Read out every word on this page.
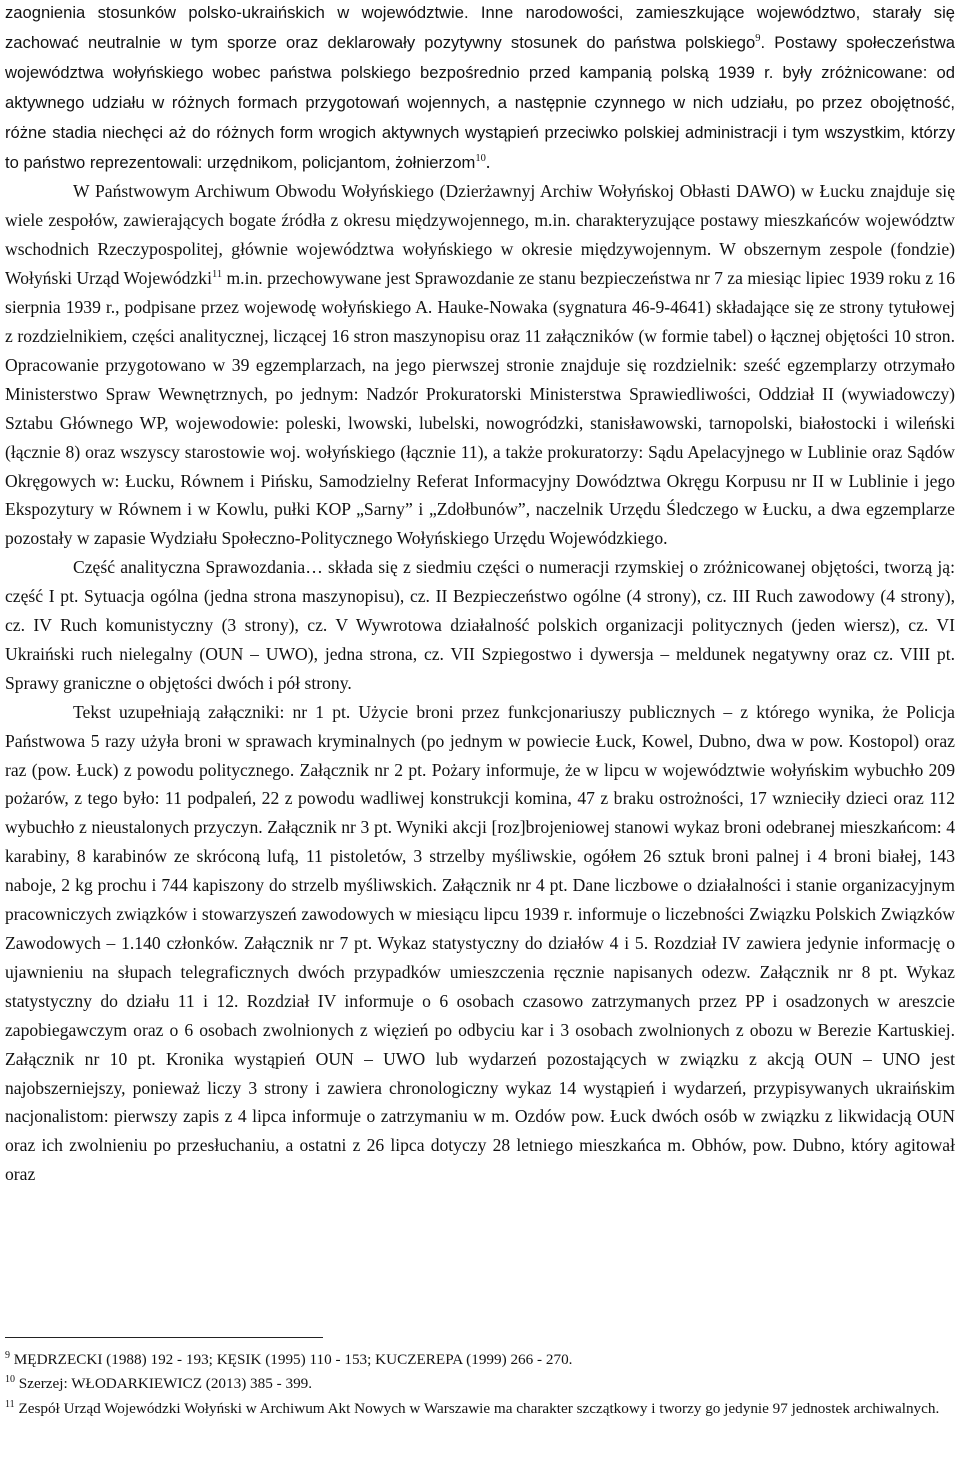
zaognienia stosunków polsko-ukraińskich w województwie. Inne narodowości, zamieszkujące województwo, starały się zachować neutralnie w tym sporze oraz deklarowały pozytywny stosunek do państwa polskiego$^9$. Postawy społeczeństwa województwa wołyńskiego wobec państwa polskiego bezpośrednio przed kampanią polską 1939 r. były zróżnicowane: od aktywnego udziału w różnych formach przygotowań wojennych, a następnie czynnego w nich udziału, po przez obojętność, różne stadia niechęci aż do różnych form wrogich aktywnych wystąpień przeciwko polskiej administracji i tym wszystkim, którzy to państwo reprezentowali: urzędnikom, policjantom, żołnierzom$^{10}$.

W Państwowym Archiwum Obwodu Wołyńskiego (Dzierżawnyj Archiw Wołyńskoj Obłasti DAWO) w Łucku znajduje się wiele zespołów, zawierających bogate źródła z okresu międzywojennego, m.in. charakteryzujące postawy mieszkańców województw wschodnich Rzeczypospolitej, głównie województwa wołyńskiego w okresie międzywojennym. W obszernym zespole (fondzie) Wołyński Urząd Wojewódzki$^{11}$ m.in. przechowywane jest Sprawozdanie ze stanu bezpieczeństwa nr 7 za miesiąc lipiec 1939 roku z 16 sierpnia 1939 r., podpisane przez wojewodę wołyńskiego A. Hauke-Nowaka (sygnatura 46-9-4641) składające się ze strony tytułowej z rozdzielnikiem, części analitycznej, liczącej 16 stron maszynopisu oraz 11 załączników (w formie tabel) o łącznej objętości 10 stron. Opracowanie przygotowano w 39 egzemplarzach, na jego pierwszej stronie znajduje się rozdzielnik: sześć egzemplarzy otrzymało Ministerstwo Spraw Wewnętrznych, po jednym: Nadzór Prokuratorski Ministerstwa Sprawiedliwości, Oddział II (wywiadowczy) Sztabu Głównego WP, wojewodowie: poleski, lwowski, lubelski, nowogródzki, stanisławowski, tarnopolski, białostocki i wileński (łącznie 8) oraz wszyscy starostowie woj. wołyńskiego (łącznie 11), a także prokuratorzy: Sądu Apelacyjnego w Lublinie oraz Sądów Okręgowych w: Łucku, Równem i Pińsku, Samodzielny Referat Informacyjny Dowództwa Okręgu Korpusu nr II w Lublinie i jego Ekspozytury w Równem i w Kowlu, pułki KOP „Sarny” i „Zdołbunów”, naczelnik Urzędu Śledczego w Łucku, a dwa egzemplarze pozostały w zapasie Wydziału Społeczno-Politycznego Wołyńskiego Urzędu Wojewódzkiego.

Część analityczna Sprawozdania… składa się z siedmiu części o numeracji rzymskiej o zróżnicowanej objętości, tworzą ją: część I pt. Sytuacja ogólna (jedna strona maszynopisu), cz. II Bezpieczeństwo ogólne (4 strony), cz. III Ruch zawodowy (4 strony), cz. IV Ruch komunistyczny (3 strony), cz. V Wywrotowa działalność polskich organizacji politycznych (jeden wiersz), cz. VI Ukraiński ruch nielegalny (OUN – UWO), jedna strona, cz. VII Szpiegostwo i dywersja – meldunek negatywny oraz cz. VIII pt. Sprawy graniczne o objętości dwóch i pół strony.

Tekst uzupełniają załączniki: nr 1 pt. Użycie broni przez funkcjonariuszy publicznych – z którego wynika, że Policja Państwowa 5 razy użyła broni w sprawach kryminalnych (po jednym w powiecie Łuck, Kowel, Dubno, dwa w pow. Kostopol) oraz raz (pow. Łuck) z powodu politycznego. Załącznik nr 2 pt. Pożary informuje, że w lipcu w województwie wołyńskim wybuchło 209 pożarów, z tego było: 11 podpaleń, 22 z powodu wadliwej konstrukcji komina, 47 z braku ostrożności, 17 wznieciły dzieci oraz 112 wybuchło z nieustalonych przyczyn. Załącznik nr 3 pt. Wyniki akcji [roz]brojeniowej stanowi wykaz broni odebranej mieszkańcom: 4 karabiny, 8 karabinów ze skróconą lufą, 11 pistoletów, 3 strzelby myśliwskie, ogółem 26 sztuk broni palnej i 4 broni białej, 143 naboje, 2 kg prochu i 744 kapiszony do strzelb myśliwskich. Załącznik nr 4 pt. Dane liczbowe o działalności i stanie organizacyjnym pracowniczych związków i stowarzyszeń zawodowych w miesiącu lipcu 1939 r. informuje o liczebności Związku Polskich Związków Zawodowych – 1.140 członków. Załącznik nr 7 pt. Wykaz statystyczny do działów 4 i 5. Rozdział IV zawiera jedynie informację o ujawnieniu na słupach telegraficznych dwóch przypadków umieszczenia ręcznie napisanych odezw. Załącznik nr 8 pt. Wykaz statystyczny do działu 11 i 12. Rozdział IV informuje o 6 osobach czasowo zatrzymanych przez PP i osadzonych w areszcie zapobiegawczym oraz o 6 osobach zwolnionych z więzień po odbyciu kar i 3 osobach zwolnionych z obozu w Berezie Kartuskiej. Załącznik nr 10 pt. Kronika wystąpień OUN – UWO lub wydarzeń pozostających w związku z akcją OUN – UNO jest najobszerniejszy, ponieważ liczy 3 strony i zawiera chronologiczny wykaz 14 wystąpień i wydarzeń, przypisywanych ukraińskim nacjonalistom: pierwszy zapis z 4 lipca informuje o zatrzymaniu w m. Ozdów pow. Łuck dwóch osób w związku z likwidacją OUN oraz ich zwolnieniu po przesłuchaniu, a ostatni z 26 lipca dotyczy 28 letniego mieszkańca m. Obhów, pow. Dubno, który agitował oraz

$^9$ MĘDRZECKI (1988) 192 - 193; KĘSIK (1995) 110 - 153; KUCZEREPA (1999) 266 - 270.

$^{10}$ Szerzej: WŁODARKIEWICZ (2013) 385 - 399.

$^{11}$ Zespół Urząd Wojewódzki Wołyński w Archiwum Akt Nowych w Warszawie ma charakter szczątkowy i tworzy go jedynie 97 jednostek archiwalnych.
